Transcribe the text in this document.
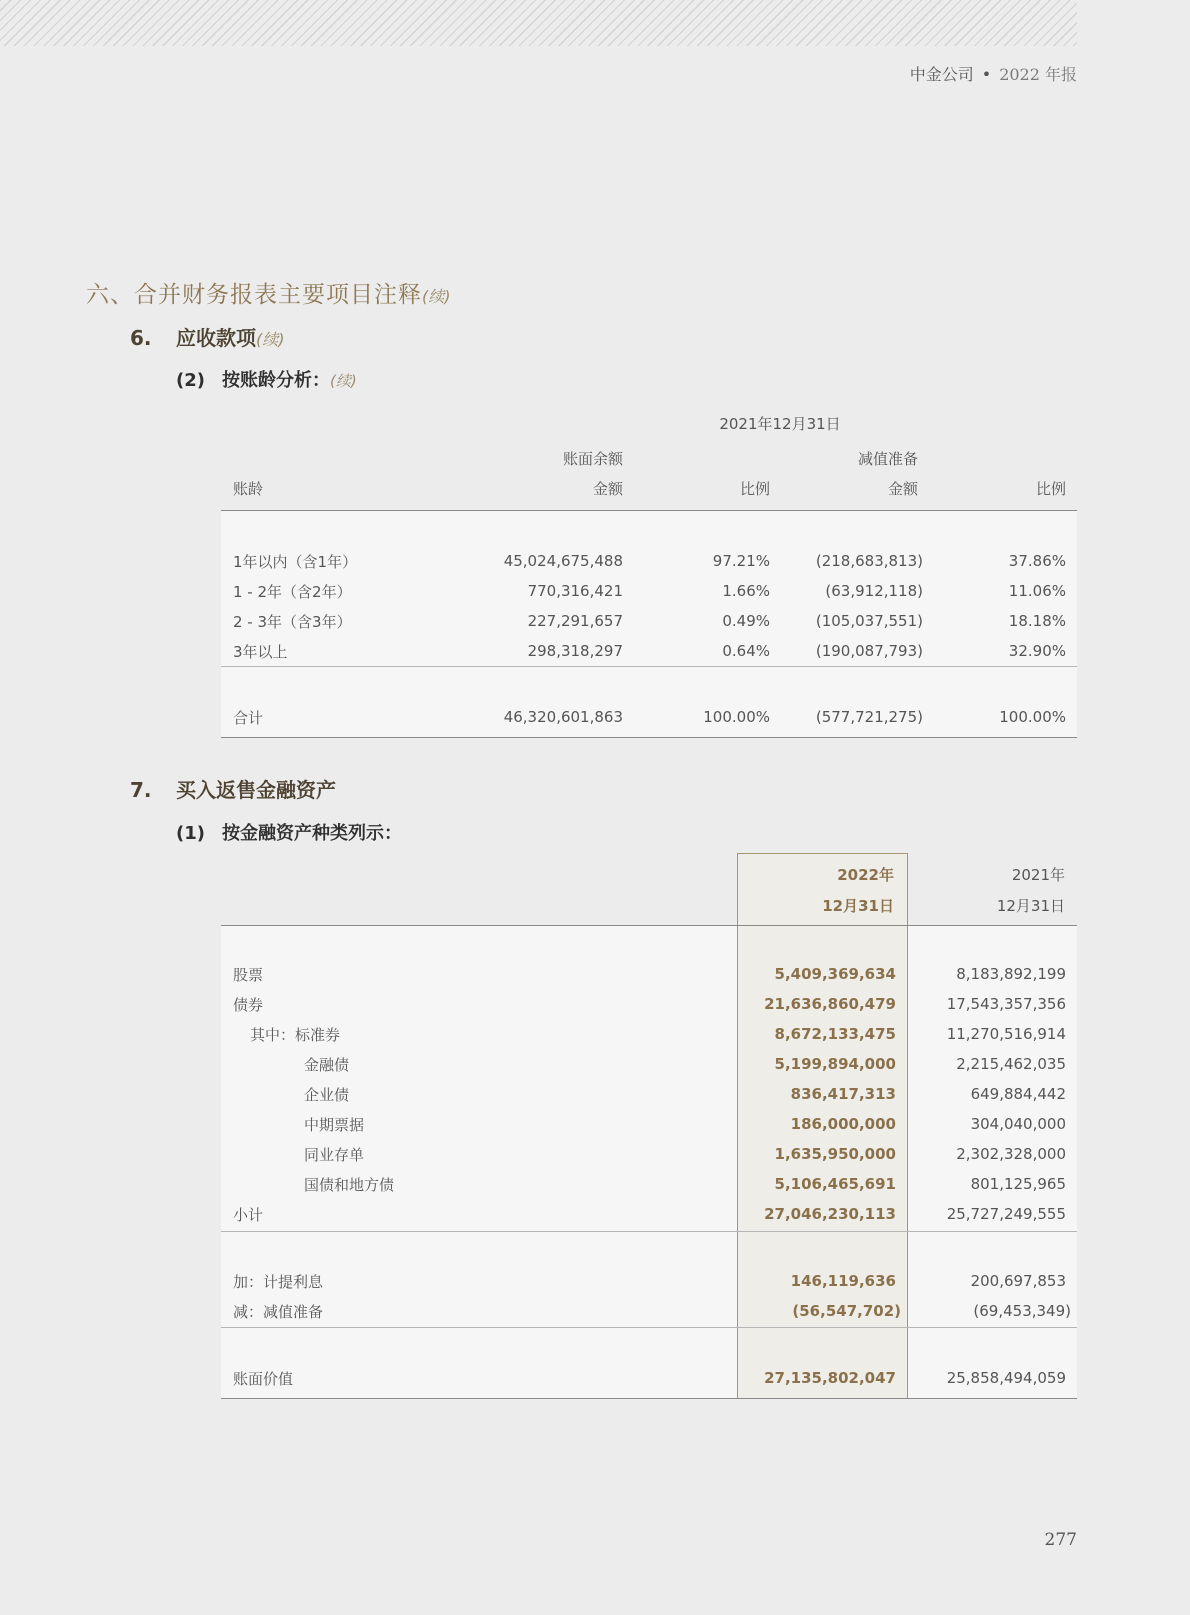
中金公司 • 2022 年报
六、合并财务报表主要项目注释(续)
6. 应收款项(续)
(2) 按账龄分析：(续)
2021年12月31日
账面余额	减值准备
账龄	金额	比例	金额	比例
1年以内（含1年）	45,024,675,488	97.21%	(218,683,813)	37.86%
1 - 2年（含2年）	770,316,421	1.66%	(63,912,118)	11.06%
2 - 3年（含3年）	227,291,657	0.49%	(105,037,551)	18.18%
3年以上	298,318,297	0.64%	(190,087,793)	32.90%
合计	46,320,601,863	100.00%	(577,721,275)	100.00%
7. 买入返售金融资产
(1) 按金融资产种类列示：
2022年
12月31日
2021年
12月31日
股票	5,409,369,634	8,183,892,199
债券	21,636,860,479	17,543,357,356
其中：标准券	8,672,133,475	11,270,516,914
金融债	5,199,894,000	2,215,462,035
企业债	836,417,313	649,884,442
中期票据	186,000,000	304,040,000
同业存单	1,635,950,000	2,302,328,000
国债和地方债	5,106,465,691	801,125,965
小计	27,046,230,113	25,727,249,555
加：计提利息	146,119,636	200,697,853
减：减值准备	(56,547,702)	(69,453,349)
账面价值	27,135,802,047	25,858,494,059
277
